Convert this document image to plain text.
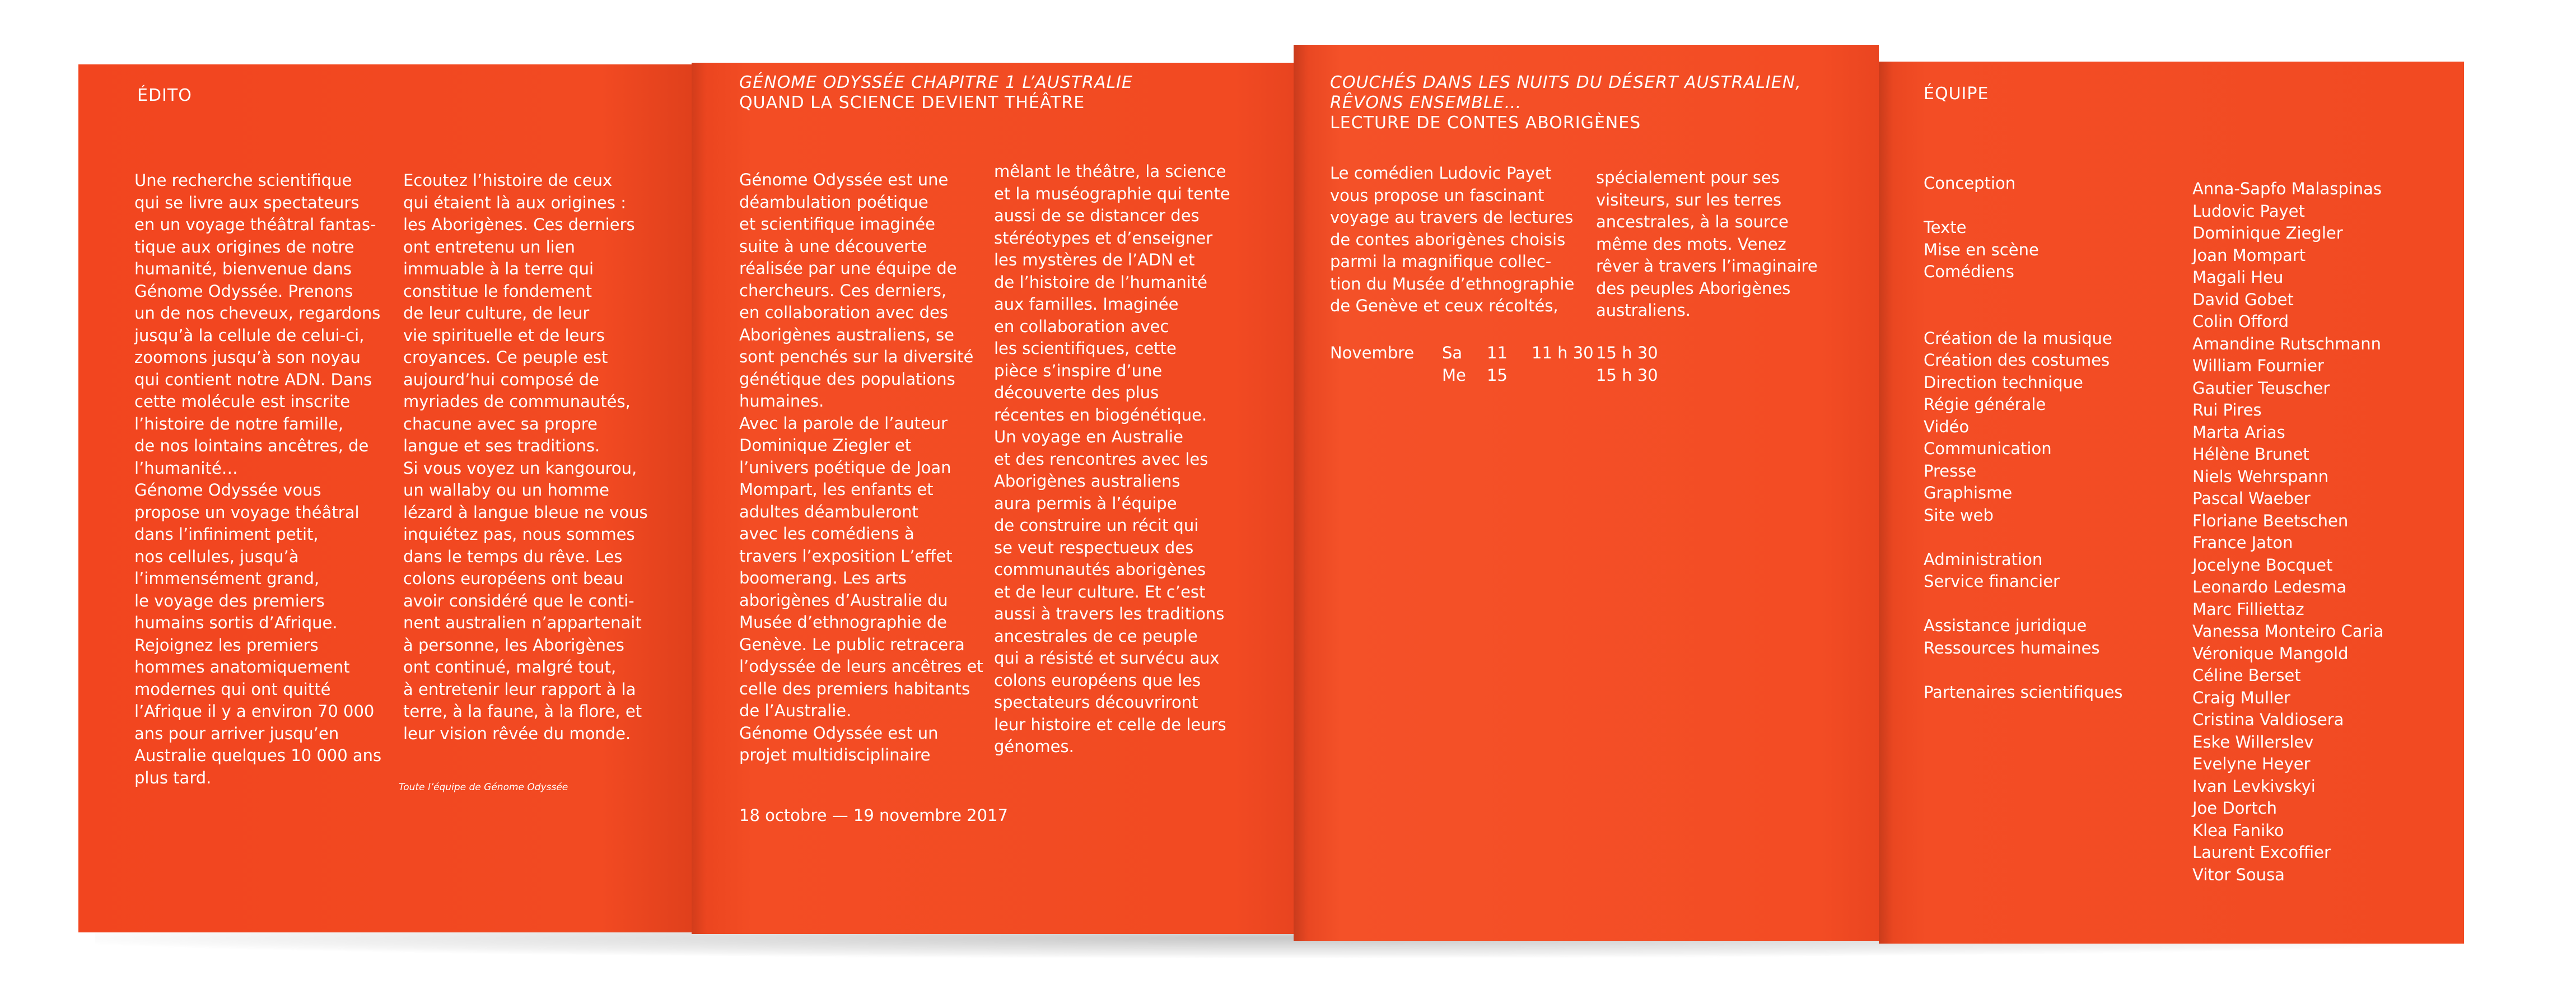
ÉDITO
Une recherche scientifique
qui se livre aux spectateurs
en un voyage théâtral fantas-
tique aux origines de notre
humanité, bienvenue dans
Génome Odyssée. Prenons
un de nos cheveux, regardons
jusqu’à la cellule de celui-ci,
zoomons jusqu’à son noyau
qui contient notre ADN. Dans
cette molécule est inscrite
l’histoire de notre famille,
de nos lointains ancêtres, de
l’humanité…
Génome Odyssée vous
propose un voyage théâtral
dans l’infiniment petit,
nos cellules, jusqu’à
l’immensément grand,
le voyage des premiers
humains sortis d’Afrique.
Rejoignez les premiers
hommes anatomiquement
modernes qui ont quitté
l’Afrique il y a environ 70 000
ans pour arriver jusqu’en
Australie quelques 10 000 ans
plus tard.
Ecoutez l’histoire de ceux
qui étaient là aux origines :
les Aborigènes. Ces derniers
ont entretenu un lien
immuable à la terre qui
constitue le fondement
de leur culture, de leur
vie spirituelle et de leurs
croyances. Ce peuple est
aujourd’hui composé de
myriades de communautés,
chacune avec sa propre
langue et ses traditions.
Si vous voyez un kangourou,
un wallaby ou un homme
lézard à langue bleue ne vous
inquiétez pas, nous sommes
dans le temps du rêve. Les
colons européens ont beau
avoir considéré que le conti-
nent australien n’appartenait
à personne, les Aborigènes
ont continué, malgré tout,
à entretenir leur rapport à la
terre, à la faune, à la flore, et
leur vision rêvée du monde.
Toute l’équipe de Génome Odyssée
GÉNOME ODYSSÉE CHAPITRE 1 L’AUSTRALIE
QUAND LA SCIENCE DEVIENT THÉÂTRE
Génome Odyssée est une
déambulation poétique
et scientifique imaginée
suite à une découverte
réalisée par une équipe de
chercheurs. Ces derniers,
en collaboration avec des
Aborigènes australiens, se
sont penchés sur la diversité
génétique des populations
humaines.
Avec la parole de l’auteur
Dominique Ziegler et
l’univers poétique de Joan
Mompart, les enfants et
adultes déambuleront
avec les comédiens à
travers l’exposition L’effet
boomerang. Les arts
aborigènes d’Australie du
Musée d’ethnographie de
Genève. Le public retracera
l’odyssée de leurs ancêtres et
celle des premiers habitants
de l’Australie.
Génome Odyssée est un
projet multidisciplinaire
mêlant le théâtre, la science
et la muséographie qui tente
aussi de se distancer des
stéréotypes et d’enseigner
les mystères de l’ADN et
de l’histoire de l’humanité
aux familles. Imaginée
en collaboration avec
les scientifiques, cette
pièce s’inspire d’une
découverte des plus
récentes en biogénétique.
Un voyage en Australie
et des rencontres avec les
Aborigènes australiens
aura permis à l’équipe
de construire un récit qui
se veut respectueux des
communautés aborigènes
et de leur culture. Et c’est
aussi à travers les traditions
ancestrales de ce peuple
qui a résisté et survécu aux
colons européens que les
spectateurs découvriront
leur histoire et celle de leurs
génomes.
18 octobre — 19 novembre 2017
COUCHÉS DANS LES NUITS DU DÉSERT AUSTRALIEN,
RÊVONS ENSEMBLE…
LECTURE DE CONTES ABORIGÈNES
Le comédien Ludovic Payet
vous propose un fascinant
voyage au travers de lectures
de contes aborigènes choisis
parmi la magnifique collec-
tion du Musée d’ethnographie
de Genève et ceux récoltés,
spécialement pour ses
visiteurs, sur les terres
ancestrales, à la source
même des mots. Venez
rêver à travers l’imaginaire
des peuples Aborigènes
australiens.
Novembre Sa 11 11 h 30 15 h 30
Me 15	15 h 30
ÉQUIPE
Conception

Texte
Mise en scène
Comédiens

Création de la musique
Création des costumes
Direction technique
Régie générale
Vidéo
Communication
Presse
Graphisme
Site web

Administration
Service financier

Assistance juridique
Ressources humaines

Partenaires scientifiques
Anna-Sapfo Malaspinas
Ludovic Payet
Dominique Ziegler
Joan Mompart
Magali Heu
David Gobet
Colin Offord
Amandine Rutschmann
William Fournier
Gautier Teuscher
Rui Pires
Marta Arias
Hélène Brunet
Niels Wehrspann
Pascal Waeber
Floriane Beetschen
France Jaton
Jocelyne Bocquet
Leonardo Ledesma
Marc Filliettaz
Vanessa Monteiro Caria
Véronique Mangold
Céline Berset
Craig Muller
Cristina Valdiosera
Eske Willerslev
Evelyne Heyer
Ivan Levkivskyi
Joe Dortch
Klea Faniko
Laurent Excoffier
Vitor Sousa
